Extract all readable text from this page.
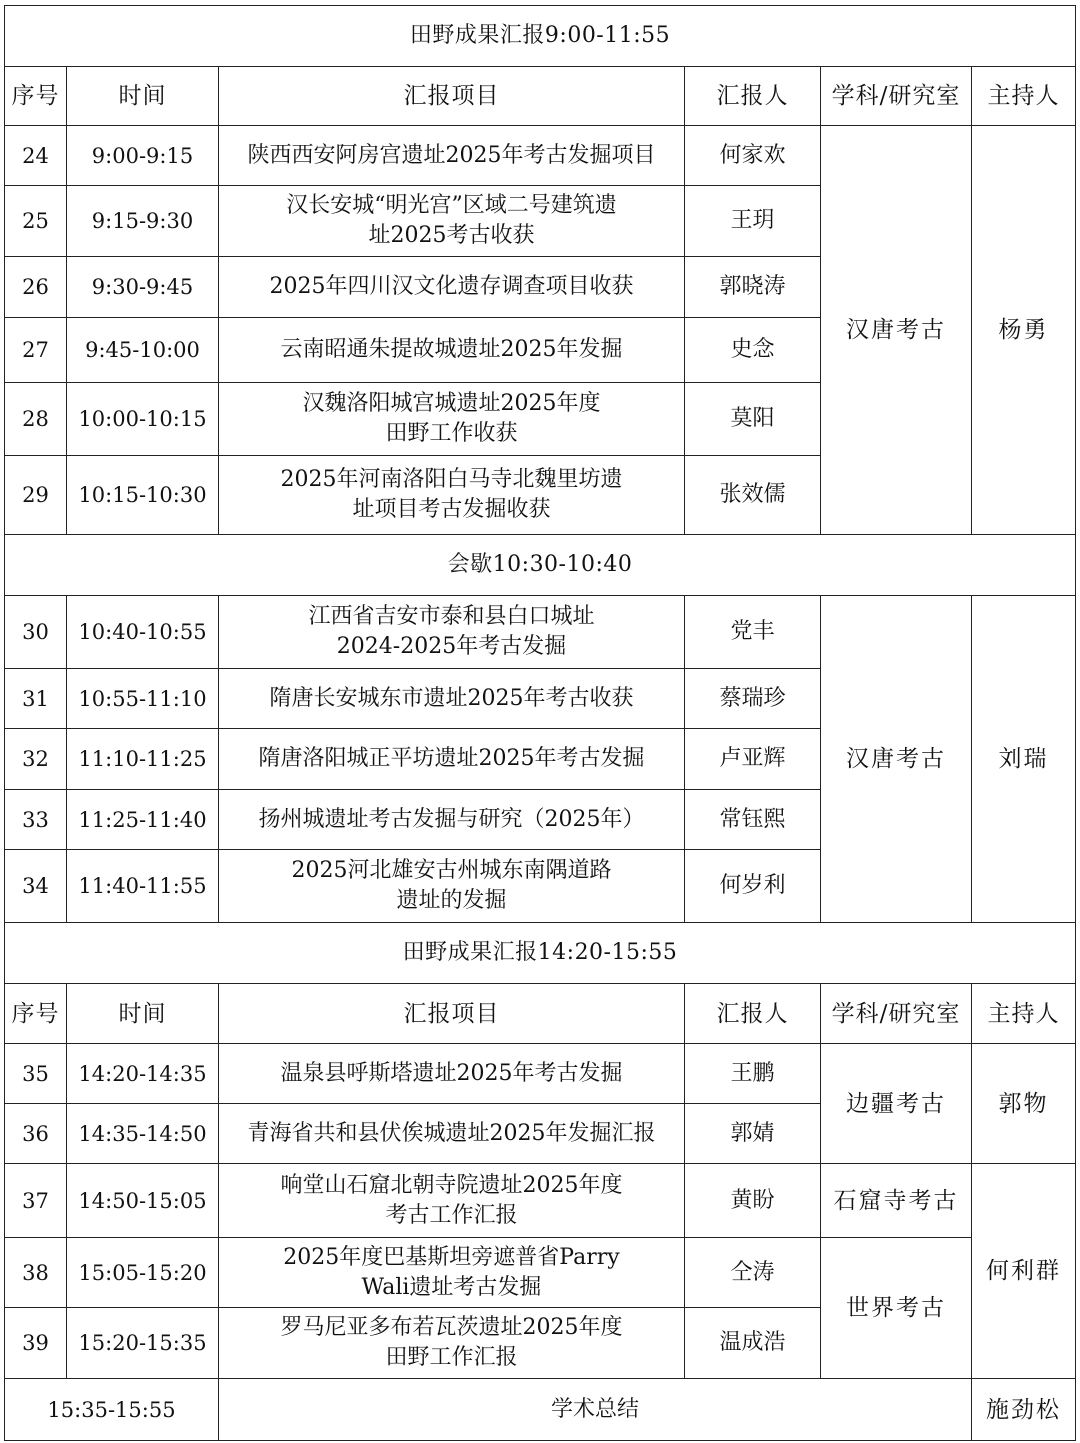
田野成果汇报9:00-11:55					
序号	时间	汇报项目	汇报人	学科/研究室	主持人
24	9:00-9:15	陕西西安阿房宫遗址2025年考古发掘项目	何家欢	汉唐考古	杨勇
25	9:15-9:30	汉长安城“明光宫”区域二号建筑遗
址2025考古收获	王玥		
26	9:30-9:45	2025年四川汉文化遗存调查项目收获	郭晓涛		
27	9:45-10:00	云南昭通朱提故城遗址2025年发掘	史念		
28	10:00-10:15	汉魏洛阳城宫城遗址2025年度
田野工作收获	莫阳		
29	10:15-10:30	2025年河南洛阳白马寺北魏里坊遗
址项目考古发掘收获	张效儒		
会歇10:30-10:40					
30	10:40-10:55	江西省吉安市泰和县白口城址
2024-2025年考古发掘	党丰	汉唐考古	刘瑞
31	10:55-11:10	隋唐长安城东市遗址2025年考古收获	蔡瑞珍		
32	11:10-11:25	隋唐洛阳城正平坊遗址2025年考古发掘	卢亚辉		
33	11:25-11:40	扬州城遗址考古发掘与研究（2025年）	常钰熙		
34	11:40-11:55	2025河北雄安古州城东南隅道路
遗址的发掘	何岁利		
田野成果汇报14:20-15:55					
序号	时间	汇报项目	汇报人	学科/研究室	主持人
35	14:20-14:35	温泉县呼斯塔遗址2025年考古发掘	王鹏	边疆考古	郭物
36	14:35-14:50	青海省共和县伏俟城遗址2025年发掘汇报	郭婧		
37	14:50-15:05	响堂山石窟北朝寺院遗址2025年度
考古工作汇报	黄盼	石窟寺考古	何利群
38	15:05-15:20	2025年度巴基斯坦旁遮普省Parry
Wali遗址考古发掘	仝涛	世界考古	
39	15:20-15:35	罗马尼亚多布若瓦茨遗址2025年度
田野工作汇报	温成浩		
15:35-15:55		学术总结			施劲松
